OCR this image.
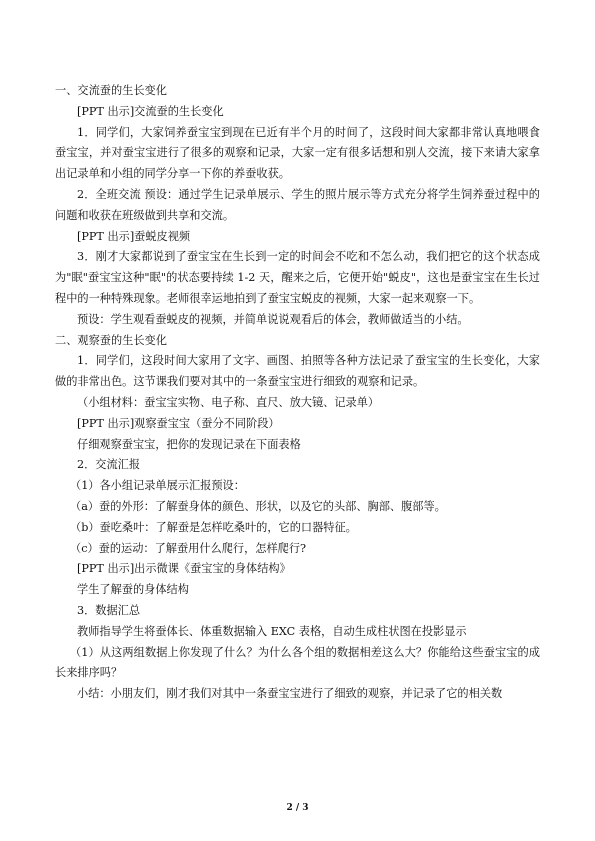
一、交流蚕的生长变化

[PPT 出示]交流蚕的生长变化

1．同学们，大家饲养蚕宝宝到现在已近有半个月的时间了，这段时间大家都非常认真地喂食蚕宝宝，并对蚕宝宝进行了很多的观察和记录，大家一定有很多话想和别人交流，接下来请大家拿出记录单和小组的同学分享一下你的养蚕收获。

2．全班交流 预设：通过学生记录单展示、学生的照片展示等方式充分将学生饲养蚕过程中的问题和收获在班级做到共享和交流。

[PPT 出示]蚕蜕皮视频

3．刚才大家都说到了蚕宝宝在生长到一定的时间会不吃和不怎么动，我们把它的这个状态成为"眠"蚕宝宝这种"眠"的状态要持续 1-2 天，醒来之后，它便开始"蜕皮"，这也是蚕宝宝在生长过程中的一种特殊现象。老师很幸运地拍到了蚕宝宝蜕皮的视频，大家一起来观察一下。

预设：学生观看蚕蜕皮的视频，并简单说说观看后的体会，教师做适当的小结。

二、观察蚕的生长变化

1．同学们，这段时间大家用了文字、画图、拍照等各种方法记录了蚕宝宝的生长变化，大家做的非常出色。这节课我们要对其中的一条蚕宝宝进行细致的观察和记录。

（小组材料：蚕宝宝实物、电子称、直尺、放大镜、记录单）

[PPT 出示]观察蚕宝宝（蚕分不同阶段）

仔细观察蚕宝宝，把你的发现记录在下面表格

2．交流汇报

（1）各小组记录单展示汇报预设：

（a）蚕的外形：了解蚕身体的颜色、形状，以及它的头部、胸部、腹部等。

（b）蚕吃桑叶：了解蚕是怎样吃桑叶的，它的口器特征。

（c）蚕的运动：了解蚕用什么爬行，怎样爬行?

[PPT 出示]出示微课《蚕宝宝的身体结构》

学生了解蚕的身体结构

3．数据汇总

教师指导学生将蚕体长、体重数据输入 EXC 表格，自动生成柱状图在投影显示

（1）从这两组数据上你发现了什么？为什么各个组的数据相差这么大？你能给这些蚕宝宝的成长来排序吗？

小结：小朋友们，刚才我们对其中一条蚕宝宝进行了细致的观察，并记录了它的相关数

2 / 3
